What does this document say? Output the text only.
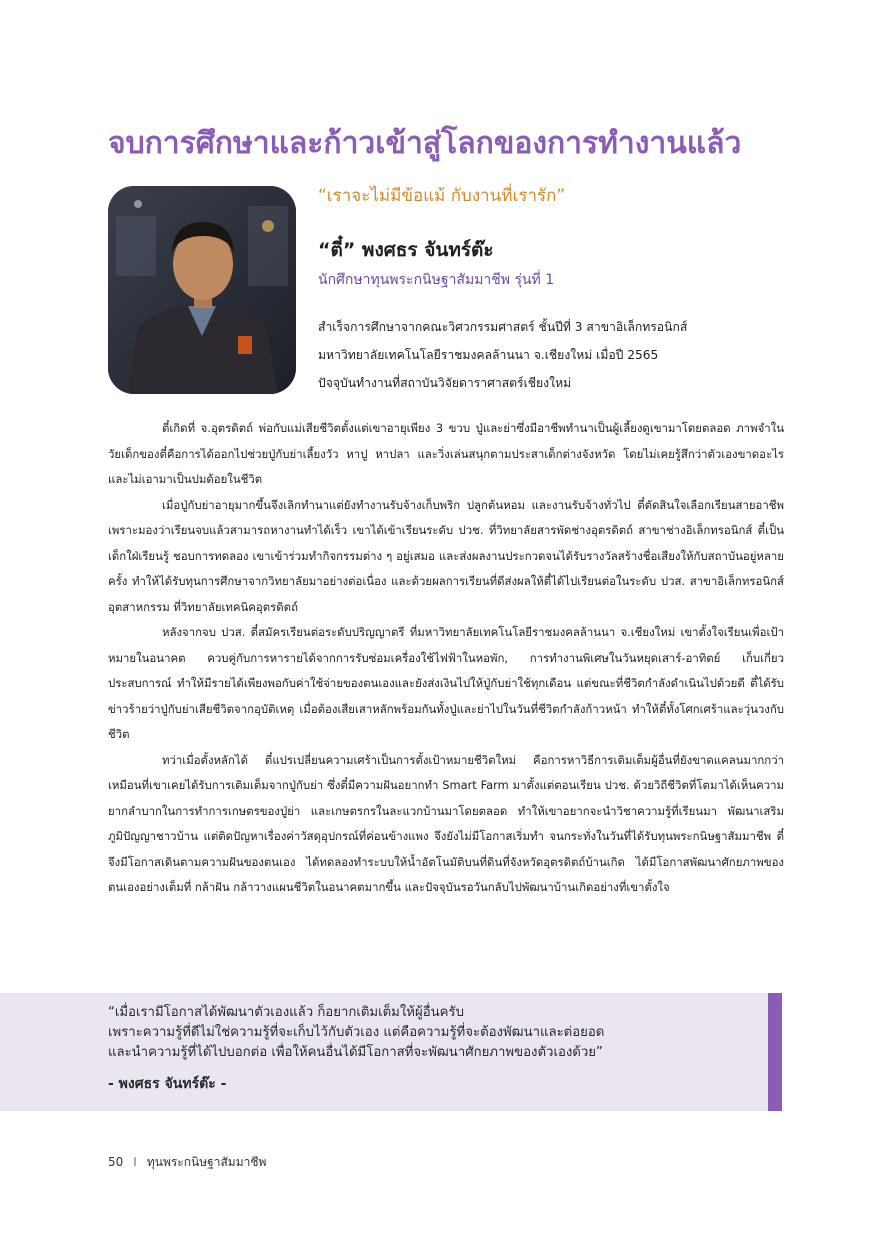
จบการศึกษาและก้าวเข้าสู่โลกของการทำงานแล้ว
“เราจะไม่มีข้อแม้ กับงานที่เรารัก”
“ตี๋” พงศธร จันทร์ต๊ะ
นักศึกษาทุนพระกนิษฐาสัมมาชีพ รุ่นที่ 1
สำเร็จการศึกษาจากคณะวิศวกรรมศาสตร์ ชั้นปีที่ 3 สาขาอิเล็กทรอนิกส์
มหาวิทยาลัยเทคโนโลยีราชมงคลล้านนา จ.เชียงใหม่ เมื่อปี 2565
ปัจจุบันทำงานที่สถาบันวิจัยดาราศาสตร์เชียงใหม่

ตี๋เกิดที่ จ.อุตรดิตถ์ พ่อกับแม่เสียชีวิตตั้งแต่เขาอายุเพียง 3 ขวบ ปู่และย่าซึ่งมีอาชีพทำนาเป็นผู้เลี้ยงดูเขามาโดยตลอด ภาพจำในวัยเด็กของตี๋คือการได้ออกไปช่วยปู่กับย่าเลี้ยงวัว หาปู หาปลา และวิ่งเล่นสนุกตามประสาเด็กต่างจังหวัด โดยไม่เคยรู้สึกว่าตัวเองขาดอะไรและไม่เอามาเป็นปมด้อยในชีวิต

เมื่อปู่กับย่าอายุมากขึ้นจึงเลิกทำนาแต่ยังทำงานรับจ้างเก็บพริก ปลูกต้นหอม และงานรับจ้างทั่วไป ตี๋ตัดสินใจเลือกเรียนสายอาชีพเพราะมองว่าเรียนจบแล้วสามารถหางานทำได้เร็ว เขาได้เข้าเรียนระดับ ปวช. ที่วิทยาลัยสารพัดช่างอุตรดิตถ์ สาขาช่างอิเล็กทรอนิกส์ ตี๋เป็นเด็กใฝ่เรียนรู้ ชอบการทดลอง เขาเข้าร่วมทำกิจกรรมต่าง ๆ อยู่เสมอ และส่งผลงานประกวดจนได้รับรางวัลสร้างชื่อเสียงให้กับสถาบันอยู่หลายครั้ง ทำให้ได้รับทุนการศึกษาจากวิทยาลัยมาอย่างต่อเนื่อง และด้วยผลการเรียนที่ดีส่งผลให้ตี๋ได้ไปเรียนต่อในระดับ ปวส. สาขาอิเล็กทรอนิกส์อุตสาหกรรม ที่วิทยาลัยเทคนิคอุตรดิตถ์

หลังจากจบ ปวส. ตี๋สมัครเรียนต่อระดับปริญญาตรี ที่มหาวิทยาลัยเทคโนโลยีราชมงคลล้านนา จ.เชียงใหม่ เขาตั้งใจเรียนเพื่อเป้าหมายในอนาคต ควบคู่กับการหารายได้จากการรับซ่อมเครื่องใช้ไฟฟ้าในหอพัก, การทำงานพิเศษในวันหยุดเสาร์-อาทิตย์ เก็บเกี่ยวประสบการณ์ ทำให้มีรายได้เพียงพอกับค่าใช้จ่ายของตนเองและยังส่งเงินไปให้ปู่กับย่าใช้ทุกเดือน แต่ขณะที่ชีวิตกำลังดำเนินไปด้วยดี ตี๋ได้รับข่าวร้ายว่าปู่กับย่าเสียชีวิตจากอุบัติเหตุ เมื่อต้องเสียเสาหลักพร้อมกันทั้งปู่และย่าไปในวันที่ชีวิตกำลังก้าวหน้า ทำให้ตี๋ทั้งโศกเศร้าและวุ่นวงกับชีวิต

ทว่าเมื่อตั้งหลักได้ ตี๋แปรเปลี่ยนความเศร้าเป็นการตั้งเป้าหมายชีวิตใหม่ คือการหาวิธีการเติมเต็มผู้อื่นที่ยังขาดแคลนมากกว่า เหมือนที่เขาเคยได้รับการเติมเต็มจากปู่กับย่า ซึ่งตี๋มีความฝันอยากทำ Smart Farm มาตั้งแต่ตอนเรียน ปวช. ด้วยวิถีชีวิตที่โตมาได้เห็นความยากลำบากในการทำการเกษตรของปู่ย่า และเกษตรกรในละแวกบ้านมาโดยตลอด ทำให้เขาอยากจะนำวิชาความรู้ที่เรียนมา พัฒนาเสริมภูมิปัญญาชาวบ้าน แต่ติดปัญหาเรื่องค่าวัสดุอุปกรณ์ที่ค่อนข้างแพง จึงยังไม่มีโอกาสเริ่มทำ จนกระทั่งในวันที่ได้รับทุนพระกนิษฐาสัมมาชีพ ตี๋จึงมีโอกาสเดินตามความฝันของตนเอง ได้ทดลองทำระบบให้น้ำอัตโนมัติบนที่ดินที่จังหวัดอุตรดิตถ์บ้านเกิด ได้มีโอกาสพัฒนาศักยภาพของตนเองอย่างเต็มที่ กล้าฝัน กล้าวางแผนชีวิตในอนาคตมากขึ้น และปัจจุบันรอวันกลับไปพัฒนาบ้านเกิดอย่างที่เขาตั้งใจ

“เมื่อเรามีโอกาสได้พัฒนาตัวเองแล้ว ก็อยากเติมเต็มให้ผู้อื่นครับ
เพราะความรู้ที่ดีไม่ใช่ความรู้ที่จะเก็บไว้กับตัวเอง แต่คือความรู้ที่จะต้องพัฒนาและต่อยอด
และนำความรู้ที่ได้ไปบอกต่อ เพื่อให้คนอื่นได้มีโอกาสที่จะพัฒนาศักยภาพของตัวเองด้วย”
- พงศธร จันทร์ต๊ะ -
50 I ทุนพระกนิษฐาสัมมาชีพ
